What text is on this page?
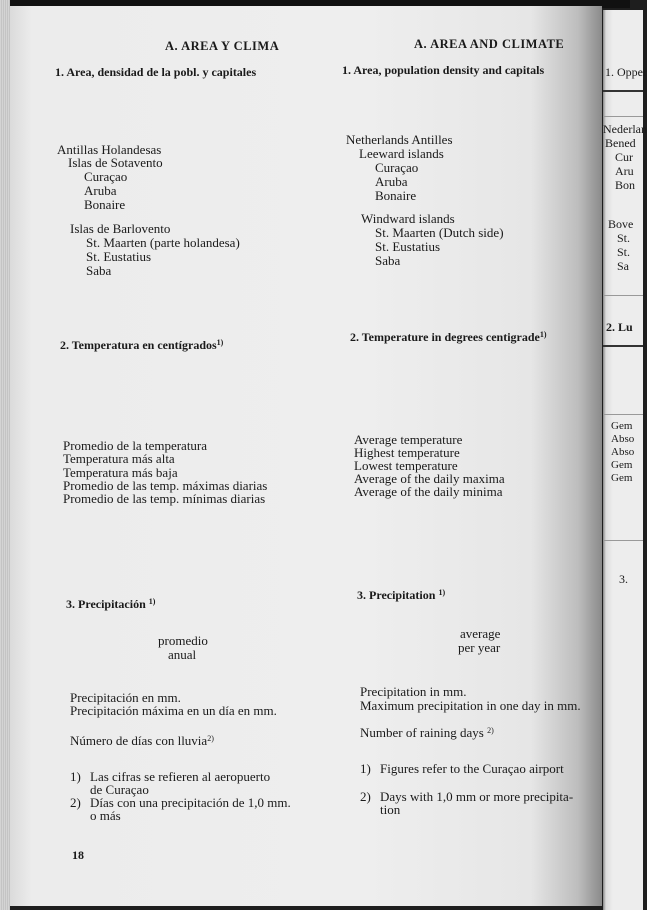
A. AREA Y CLIMA
1. Area, densidad de la pobl. y capitales
Antillas Holandesas
Islas de Sotavento
Curaçao
Aruba
Bonaire
Islas de Barlovento
St. Maarten (parte holandesa)
St. Eustatius
Saba
2. Temperatura en centígrados$^{1)}$
Promedio de la temperatura
Temperatura más alta
Temperatura más baja
Promedio de las temp. máximas diarias
Promedio de las temp. mínimas diarias
3. Precipitación $^{1)}$
promedio
anual
Precipitación en mm.
Precipitación máxima en un día en mm.
Número de días con lluvia$^{2)}$
1) Las cifras se refieren al aeropuerto
de Curaçao
2) Días con una precipitación de 1,0 mm.
o más
18
A. AREA AND CLIMATE
1. Area, population density and capitals
Netherlands Antilles
Leeward islands
Curaçao
Aruba
Bonaire
Windward islands
St. Maarten (Dutch side)
St. Eustatius
Saba
2. Temperature in degrees centigrade$^{1)}$
Average temperature
Highest temperature
Lowest temperature
Average of the daily maxima
Average of the daily minima
3. Precipitation $^{1)}$
average
per year
Precipitation in mm.
Maximum precipitation in one day in mm.
Number of raining days $^{2)}$
1) Figures refer to the Curaçao airport
2) Days with 1,0 mm or more precipita-
tion
1. Opper
Nederlan
Bened
Cur
Aru
Bon
Bove
St.
St.
Sa
2. Lu
Gem
Abso
Abso
Gem
Gem
3.
